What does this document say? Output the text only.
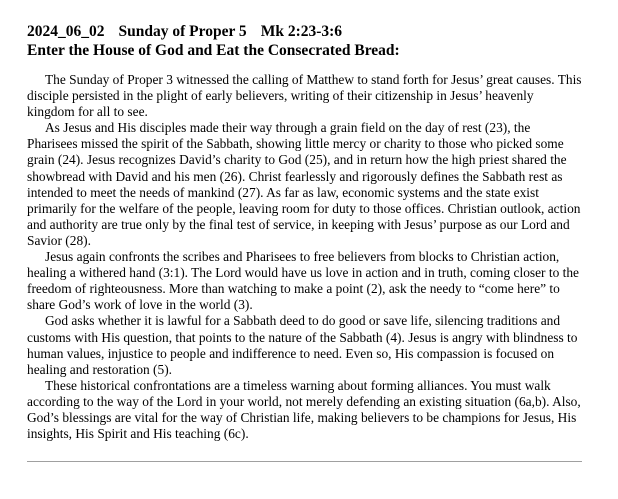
2024_06_02 Sunday of Proper 5 Mk 2:23-3:6
Enter the House of God and Eat the Consecrated Bread:

The Sunday of Proper 3 witnessed the calling of Matthew to stand forth for Jesus’ great causes. This disciple persisted in the plight of early believers, writing of their citizenship in Jesus’ heavenly kingdom for all to see.

As Jesus and His disciples made their way through a grain field on the day of rest (23), the Pharisees missed the spirit of the Sabbath, showing little mercy or charity to those who picked some grain (24). Jesus recognizes David’s charity to God (25), and in return how the high priest shared the showbread with David and his men (26). Christ fearlessly and rigorously defines the Sabbath rest as intended to meet the needs of mankind (27). As far as law, economic systems and the state exist primarily for the welfare of the people, leaving room for duty to those offices. Christian outlook, action and authority are true only by the final test of service, in keeping with Jesus’ purpose as our Lord and Savior (28).

Jesus again confronts the scribes and Pharisees to free believers from blocks to Christian action, healing a withered hand (3:1). The Lord would have us love in action and in truth, coming closer to the freedom of righteousness. More than watching to make a point (2), ask the needy to “come here” to share God’s work of love in the world (3).

God asks whether it is lawful for a Sabbath deed to do good or save life, silencing traditions and customs with His question, that points to the nature of the Sabbath (4). Jesus is angry with blindness to human values, injustice to people and indifference to need. Even so, His compassion is focused on healing and restoration (5).

These historical confrontations are a timeless warning about forming alliances. You must walk according to the way of the Lord in your world, not merely defending an existing situation (6a,b). Also, God’s blessings are vital for the way of Christian life, making believers to be champions for Jesus, His insights, His Spirit and His teaching (6c).
